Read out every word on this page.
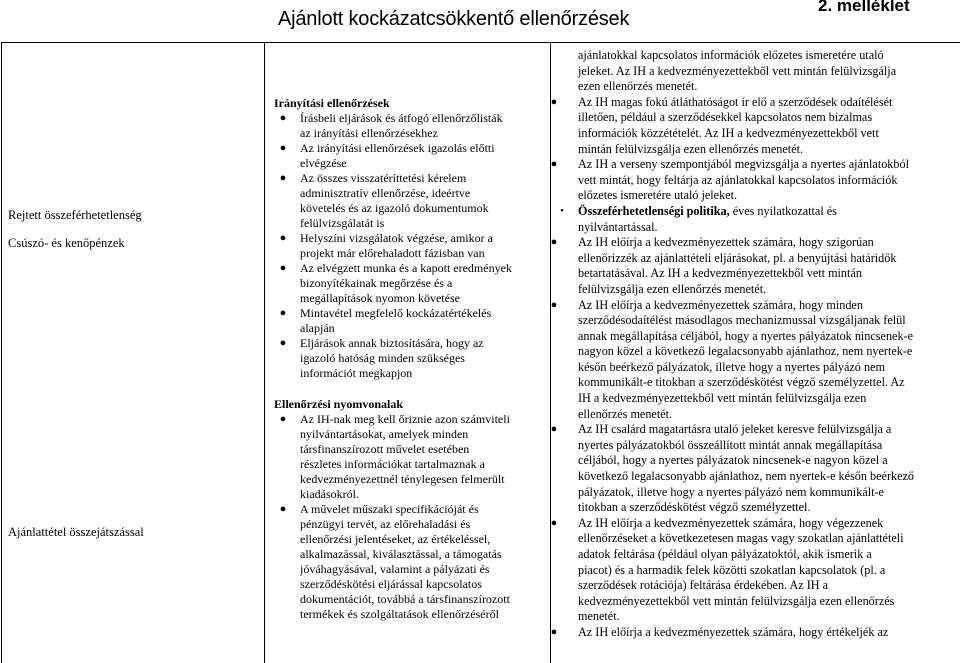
Ajánlott kockázatcsökkentő ellenőrzések
2. melléklet
Rejtett összeférhetetlenség
Csúszó- és kenőpénzek
Ajánlattétel összejátszással
Irányítási ellenőrzések
● Írásbeli eljárások és átfogó ellenőrzőlisták
az irányítási ellenőrzésekhez
● Az irányítási ellenőrzések igazolás előtti
elvégzése
● Az összes visszatéríttetési kérelem
adminisztratív ellenőrzése, ideértve
követelés és az igazoló dokumentumok
felülvizsgálatát is
● Helyszíni vizsgálatok végzése, amikor a
projekt már előrehaladott fázisban van
● Az elvégzett munka és a kapott eredmények
bizonyítékainak megőrzése és a
megállapítások nyomon követése
● Mintavétel megfelelő kockázatértékelés
alapján
● Eljárások annak biztosítására, hogy az
igazoló hatóság minden szükséges
információt megkapjon
Ellenőrzési nyomvonalak
● Az IH-nak meg kell őriznie azon számviteli
nyilvántartásokat, amelyek minden
társfinanszírozott művelet esetében
részletes információkat tartalmaznak a
kedvezményezettnél ténylegesen felmerült
kiadásokról.
● A művelet műszaki specifikációját és
pénzügyi tervét, az előrehaladási és
ellenőrzési jelentéseket, az értékeléssel,
alkalmazással, kiválasztással, a támogatás
jóváhagyásával, valamint a pályázati és
szerződéskötési eljárással kapcsolatos
dokumentációt, továbbá a társfinanszírozott
termékek és szolgáltatások ellenőrzéséről
ajánlatokkal kapcsolatos információk előzetes ismeretére utaló
jeleket. Az IH a kedvezményezettekből vett mintán felülvizsgálja
ezen ellenőrzés menetét.
● Az IH magas fokú átláthatóságot ír elő a szerződések odaítélését
illetően, például a szerződésekkel kapcsolatos nem bizalmas
információk közzétételét. Az IH a kedvezményezettekből vett
mintán felülvizsgálja ezen ellenőrzés menetét.
● Az IH a verseny szempontjából megvizsgálja a nyertes ajánlatokból
vett mintát, hogy feltárja az ajánlatokkal kapcsolatos információk
előzetes ismeretére utaló jeleket.
•	Összeférhetetlenségi politika, éves nyilatkozattal és
nyilvántartással.
● Az IH előírja a kedvezményezettek számára, hogy szigorúan
ellenőrizzék az ajánlattételi eljárásokat, pl. a benyújtási határidők
betartatásával. Az IH a kedvezményezettekből vett mintán
felülvizsgálja ezen ellenőrzés menetét.
● Az IH előírja a kedvezményezettek számára, hogy minden
szerződésodaítélést másodlagos mechanizmussal vizsgáljanak felül
annak megállapítása céljából, hogy a nyertes pályázatok nincsenek-e
nagyon közel a következő legalacsonyabb ajánlathoz, nem nyertek-e
későn beérkező pályázatok, illetve hogy a nyertes pályázó nem
kommunikált-e titokban a szerződéskötést végző személyzettel. Az
IH a kedvezményezettekből vett mintán felülvizsgálja ezen
ellenőrzés menetét.
● Az IH csalárd magatartásra utaló jeleket keresve felülvizsgálja a
nyertes pályázatokból összeállított mintát annak megállapítása
céljából, hogy a nyertes pályázatok nincsenek-e nagyon közel a
következő legalacsonyabb ajánlathoz, nem nyertek-e későn beérkező
pályázatok, illetve hogy a nyertes pályázó nem kommunikált-e
titokban a szerződéskötést végző személyzettel.
● Az IH előírja a kedvezményezettek számára, hogy végezzenek
ellenőrzéseket a következetesen magas vagy szokatlan ajánlattételi
adatok feltárása (például olyan pályázatoktól, akik ismerik a
piacot) és a harmadik felek közötti szokatlan kapcsolatok (pl. a
szerződések rotációja) feltárása érdekében. Az IH a
kedvezményezettekből vett mintán felülvizsgálja ezen ellenőrzés
menetét.
● Az IH előírja a kedvezményezettek számára, hogy értékeljék az
